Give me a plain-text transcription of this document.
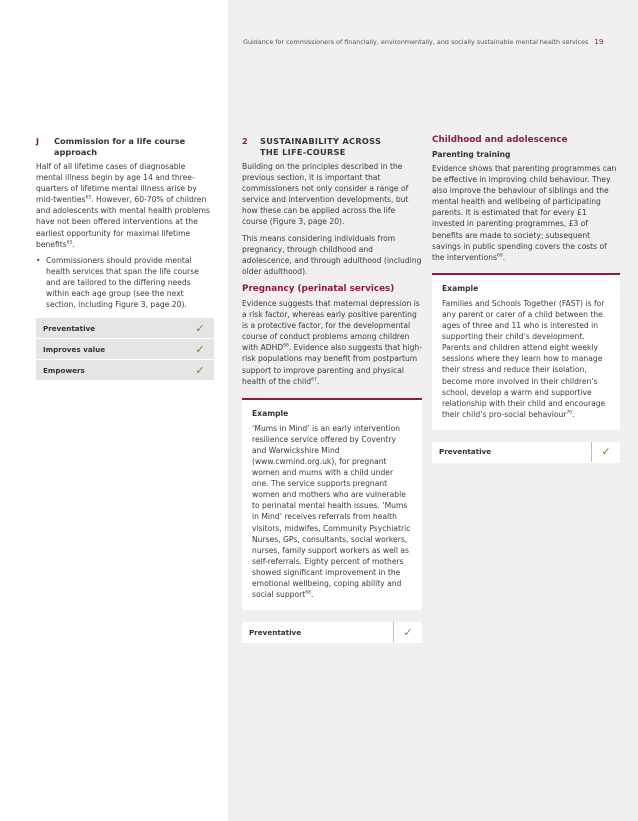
Guidance for commissioners of financially, environmentally, and socially sustainable mental health services 19
J	Commission for a life course
approach

Half of all lifetime cases of diagnosable mental illness begin by age 14 and three-quarters of lifetime mental illness arise by mid-twenties$^{65}$. However, 60-70% of children and adolescents with mental health problems have not been offered interventions at the earliest opportunity for maximal lifetime benefits$^{65}$.

• Commissioners should provide mental health services that span the life course and are tailored to the differing needs within each age group (see the next section, including Figure 3, page 20).
Preventative	✓
Improves value	✓
Empowers	✓
2	SUSTAINABILITY ACROSS
THE LIFE-COURSE

Building on the principles described in the previous section, it is important that commissioners not only consider a range of service and intervention developments, but how these can be applied across the life course (Figure 3, page 20).

This means considering individuals from pregnancy, through childhood and adolescence, and through adulthood (including older adulthood).

Pregnancy (perinatal services)

Evidence suggests that maternal depression is a risk factor, whereas early positive parenting is a protective factor, for the developmental course of conduct problems among children with ADHD$^{66}$. Evidence also suggests that high-risk populations may benefit from postpartum support to improve parenting and physical health of the child$^{67}$.

Example

‘Mums in Mind’ is an early intervention resilience service offered by Coventry and Warwickshire Mind (www.cwmind.org.uk), for pregnant women and mums with a child under one. The service supports pregnant women and mothers who are vulnerable to perinatal mental health issues. ‘Mums in Mind’ receives referrals from health visitors, midwifes, Community Psychiatric Nurses, GPs, consultants, social workers, nurses, family support workers as well as self-referrals. Eighty percent of mothers showed significant improvement in the emotional wellbeing, coping ability and social support$^{68}$.

Preventative	✓
Childhood and adolescence
Parenting training

Evidence shows that parenting programmes can be effective in improving child behaviour. They also improve the behaviour of siblings and the mental health and wellbeing of participating parents. It is estimated that for every £1 invested in parenting programmes, £3 of benefits are made to society; subsequent savings in public spending covers the costs of the interventions$^{69}$.

Example

Families and Schools Together (FAST) is for any parent or carer of a child between the ages of three and 11 who is interested in supporting their child’s development. Parents and children attend eight weekly sessions where they learn how to manage their stress and reduce their isolation, become more involved in their children’s school, develop a warm and supportive relationship with their child and encourage their child’s pro-social behaviour$^{70}$.

Preventative	✓
